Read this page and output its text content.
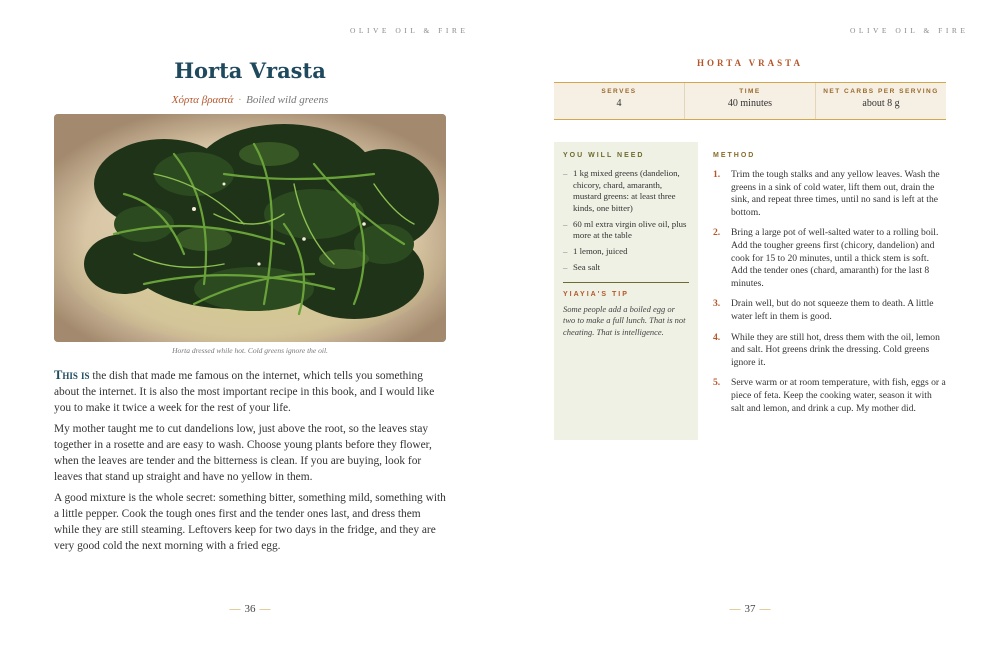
OLIVE OIL & FIRE
Horta Vrasta
Χόρτα βραστά · Boiled wild greens
Horta dressed while hot. Cold greens ignore the oil.

This is the dish that made me famous on the internet, which tells you something about the internet. It is also the most important recipe in this book, and I would like you to make it twice a week for the rest of your life.

My mother taught me to cut dandelions low, just above the root, so the leaves stay together in a rosette and are easy to wash. Choose young plants before they flower, when the leaves are tender and the bitterness is clean. If you are buying, look for leaves that stand up straight and have no yellow in them.

A good mixture is the whole secret: something bitter, something mild, something with a little pepper. Cook the tough ones first and the tender ones last, and dress them while they are still steaming. Leftovers keep for two days in the fridge, and they are very good cold the next morning with a fried egg.

— 36 —
OLIVE OIL & FIRE
HORTA VRASTA
SERVES
4
TIME
40 minutes
NET CARBS PER SERVING
about 8 g
YOU WILL NEED
– 1 kg mixed greens (dandelion, chicory, chard, amaranth, mustard greens: at least three kinds, one bitter)
– 60 ml extra virgin olive oil, plus more at the table
– 1 lemon, juiced
– Sea salt
YIAYIA'S TIP
Some people add a boiled egg or two to make a full lunch. That is not cheating. That is intelligence.
METHOD
1. Trim the tough stalks and any yellow leaves. Wash the greens in a sink of cold water, lift them out, drain the sink, and repeat three times, until no sand is left at the bottom.
2. Bring a large pot of well-salted water to a rolling boil. Add the tougher greens first (chicory, dandelion) and cook for 15 to 20 minutes, until a thick stem is soft. Add the tender ones (chard, amaranth) for the last 8 minutes.
3. Drain well, but do not squeeze them to death. A little water left in them is good.
4. While they are still hot, dress them with the oil, lemon and salt. Hot greens drink the dressing. Cold greens ignore it.
5. Serve warm or at room temperature, with fish, eggs or a piece of feta. Keep the cooking water, season it with salt and lemon, and drink a cup. My mother did.
— 37 —
